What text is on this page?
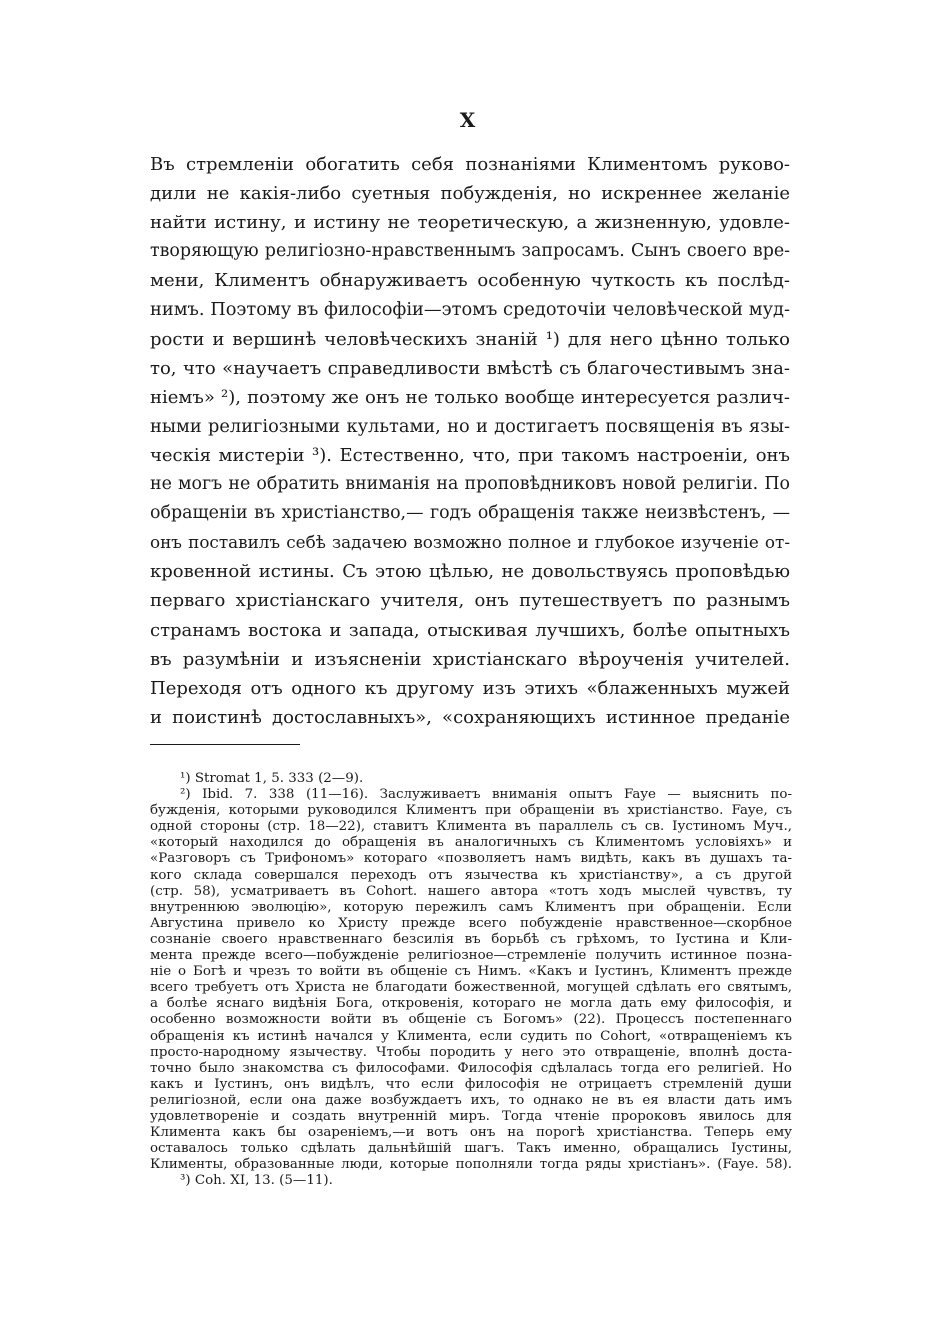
X
Въ стремленіи обогатить себя познаніями Климентомъ руково-
дили не какія-либо суетныя побужденія, но искреннее желаніе
найти истину, и истину не теоретическую, а жизненную, удовле-
творяющую религіозно-нравственнымъ запросамъ. Сынъ своего вре-
мени, Климентъ обнаруживаетъ особенную чуткость къ послѣд-
нимъ. Поэтому въ философіи—этомъ средоточіи человѣческой муд-
рости и вершинѣ человѣческихъ знаній ¹) для него цѣнно только
то, что «научаетъ справедливости вмѣстѣ съ благочестивымъ зна-
ніемъ» ²), поэтому же онъ не только вообще интересуется различ-
ными религіозными культами, но и достигаетъ посвященія въ язы-
ческія мистеріи ³). Естественно, что, при такомъ настроеніи, онъ
не могъ не обратить вниманія на проповѣдниковъ новой религіи. По
обращеніи въ христіанство,— годъ обращенія также неизвѣстенъ, —
онъ поставилъ себѣ задачею возможно полное и глубокое изученіе от-
кровенной истины. Съ этою цѣлью, не довольствуясь проповѣдью
перваго христіанскаго учителя, онъ путешествуетъ по разнымъ
странамъ востока и запада, отыскивая лучшихъ, болѣе опытныхъ
въ разумѣніи и изъясненіи христіанскаго вѣроученія учителей.
Переходя отъ одного къ другому изъ этихъ «блаженныхъ мужей
и поистинѣ достославныхъ», «сохраняющихъ истинное преданіе
¹) Stromat 1, 5. 333 (2—9).
²) Ibid. 7. 338 (11—16). Заслуживаетъ вниманія опытъ Faye — выяснить по-
бужденія, которыми руководился Климентъ при обращеніи въ христіанство. Faye, съ
одной стороны (стр. 18—22), ставитъ Климента въ параллель съ св. Іустиномъ Муч.,
«который находился до обращенія въ аналогичныхъ съ Климентомъ условіяхъ» и
«Разговоръ съ Трифономъ» котораго «позволяетъ намъ видѣть, какъ въ душахъ та-
кого склада совершался переходъ отъ язычества къ христіанству», а съ другой
(стр. 58), усматриваетъ въ Cohort. нашего автора «тотъ ходъ мыслей чувствъ, ту
внутреннюю эволюцію», которую пережилъ самъ Климентъ при обращеніи. Если
Августина привело ко Христу прежде всего побужденіе нравственное—скорбное
сознаніе своего нравственнаго безсилія въ борьбѣ съ грѣхомъ, то Іустина и Кли-
мента прежде всего—побужденіе религіозное—стремленіе получить истинное позна-
ніе о Богѣ и чрезъ то войти въ общеніе съ Нимъ. «Какъ и Іустинъ, Климентъ прежде
всего требуетъ отъ Христа не благодати божественной, могущей сдѣлать его святымъ,
а болѣе яснаго видѣнія Бога, откровенія, котораго не могла дать ему философія, и
особенно возможности войти въ общеніе съ Богомъ» (22). Процессъ постепеннаго
обращенія къ истинѣ начался у Климента, если судить по Cohort, «отвращеніемъ къ
просто-народному язычеству. Чтобы породить у него это отвращеніе, вполнѣ доста-
точно было знакомства съ философами. Философія сдѣлалась тогда его религіей. Но
какъ и Іустинъ, онъ видѣлъ, что если философія не отрицаетъ стремленій души
религіозной, если она даже возбуждаетъ ихъ, то однако не въ ея власти дать имъ
удовлетвореніе и создать внутренній миръ. Тогда чтеніе пророковъ явилось для
Климента какъ бы озареніемъ,—и вотъ онъ на порогѣ христіанства. Теперь ему
оставалось только сдѣлать дальнѣйшій шагъ. Такъ именно, обращались Іустины,
Клименты, образованные люди, которые пополняли тогда ряды христіанъ». (Faye. 58).
³) Coh. XI, 13. (5—11).
